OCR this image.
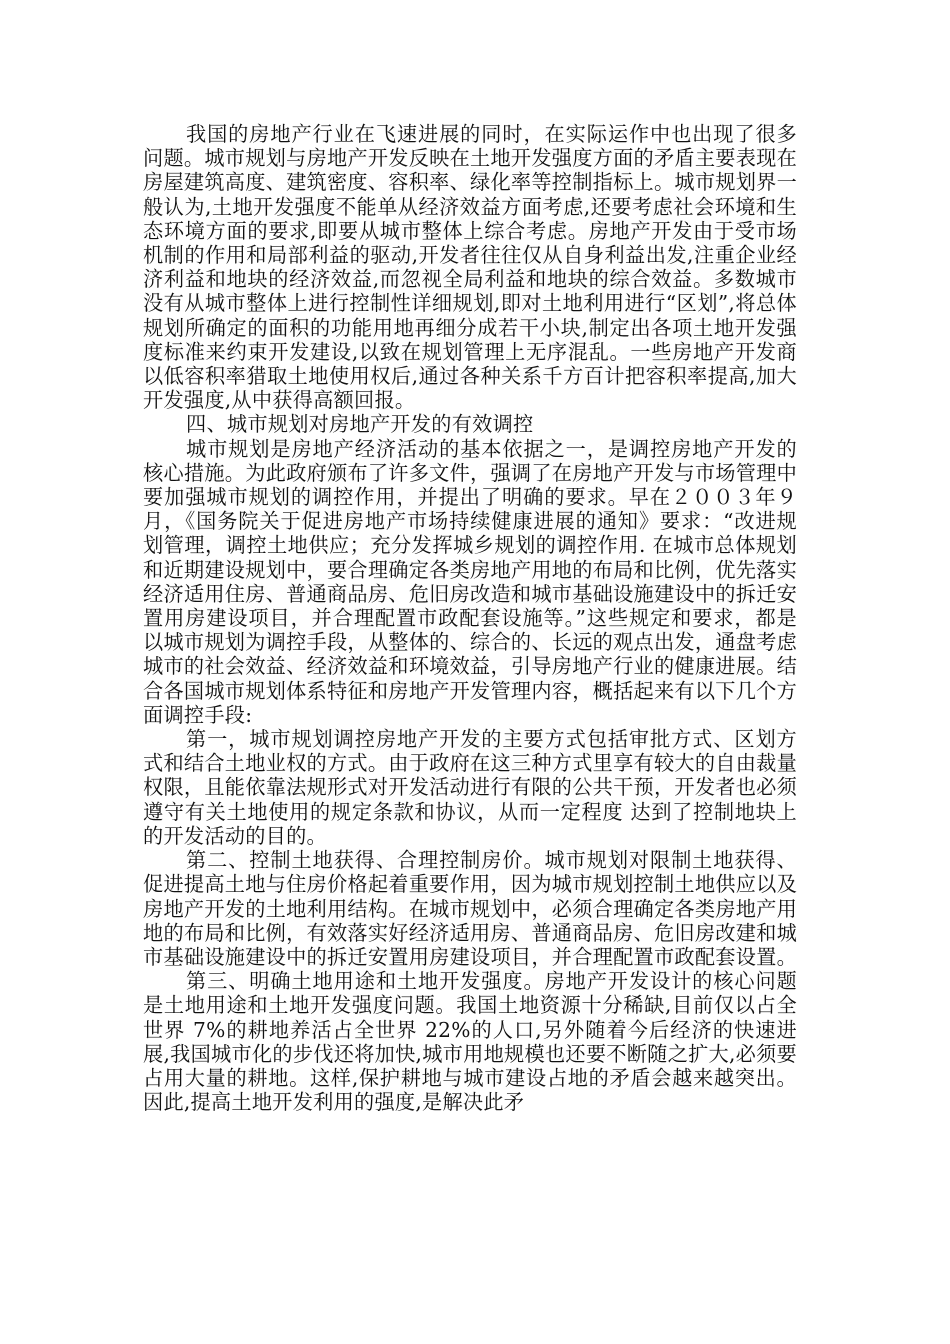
我国的房地产行业在飞速进展的同时，在实际运作中也出现了很多问题。城市规划与房地产开发反映在土地开发强度方面的矛盾主要表现在房屋建筑高度、建筑密度、容积率、绿化率等控制指标上。城市规划界一般认为,土地开发强度不能单从经济效益方面考虑,还要考虑社会环境和生态环境方面的要求,即要从城市整体上综合考虑。房地产开发由于受市场机制的作用和局部利益的驱动,开发者往往仅从自身利益出发,注重企业经济利益和地块的经济效益,而忽视全局利益和地块的综合效益。多数城市没有从城市整体上进行控制性详细规划,即对土地利用进行“区划”,将总体规划所确定的面积的功能用地再细分成若干小块,制定出各项土地开发强度标准来约束开发建设,以致在规划管理上无序混乱。一些房地产开发商以低容积率猎取土地使用权后,通过各种关系千方百计把容积率提高,加大开发强度,从中获得高额回报。

四、城市规划对房地产开发的有效调控

城市规划是房地产经济活动的基本依据之一，是调控房地产开发的核心措施。为此政府颁布了许多文件，强调了在房地产开发与市场管理中要加强城市规划的调控作用，并提出了明确的要求。早在２００３年９月，《国务院关于促进房地产市场持续健康进展的通知》要求：“改进规划管理，调控土地供应；充分发挥城乡规划的调控作用. 在城市总体规划和近期建设规划中，要合理确定各类房地产用地的布局和比例，优先落实经济适用住房、普通商品房、危旧房改造和城市基础设施建设中的拆迁安置用房建设项目，并合理配置市政配套设施等。”这些规定和要求，都是以城市规划为调控手段，从整体的、综合的、长远的观点出发，通盘考虑城市的社会效益、经济效益和环境效益，引导房地产行业的健康进展。结合各国城市规划体系特征和房地产开发管理内容，概括起来有以下几个方面调控手段:

第一，城市规划调控房地产开发的主要方式包括审批方式、区划方式和结合土地业权的方式。由于政府在这三种方式里享有较大的自由裁量权限，且能依靠法规形式对开发活动进行有限的公共干预，开发者也必须遵守有关土地使用的规定条款和协议，从而一定程度 达到了控制地块上的开发活动的目的。

第二、控制土地获得、合理控制房价。城市规划对限制土地获得、促进提高土地与住房价格起着重要作用，因为城市规划控制土地供应以及房地产开发的土地利用结构。在城市规划中，必须合理确定各类房地产用地的布局和比例，有效落实好经济适用房、普通商品房、危旧房改建和城市基础设施建设中的拆迁安置用房建设项目，并合理配置市政配套设置。

第三、明确土地用途和土地开发强度。房地产开发设计的核心问题是土地用途和土地开发强度问题。我国土地资源十分稀缺,目前仅以占全世界 7%的耕地养活占全世界 22%的人口,另外随着今后经济的快速进展,我国城市化的步伐还将加快,城市用地规模也还要不断随之扩大,必须要占用大量的耕地。这样,保护耕地与城市建设占地的矛盾会越来越突出。因此,提高土地开发利用的强度,是解决此矛
